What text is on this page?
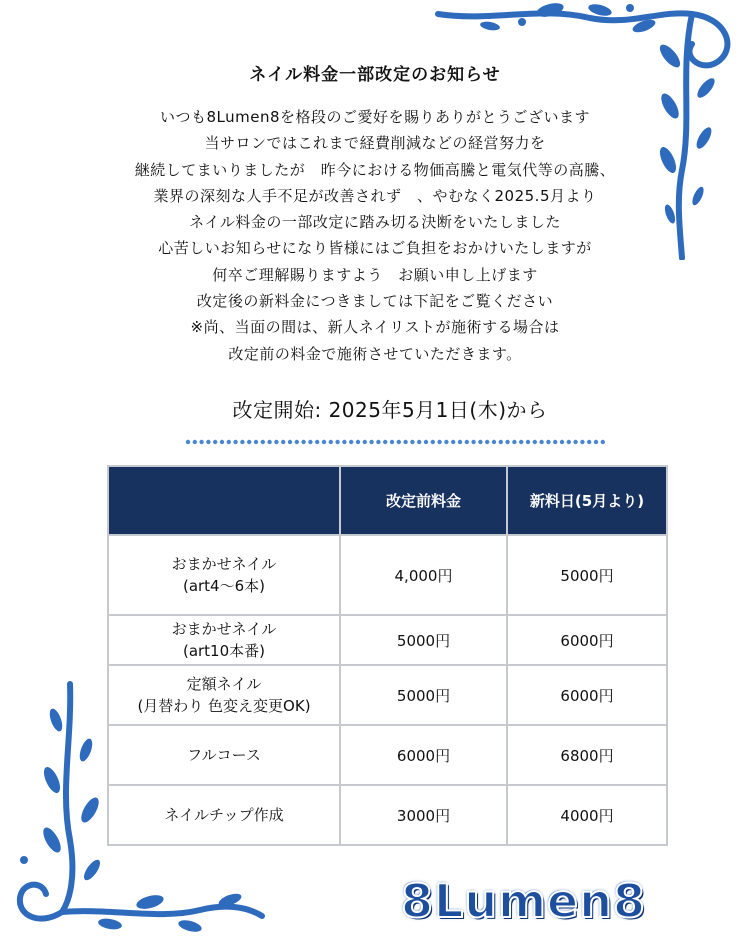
ネイル料金一部改定のお知らせ
いつも8Lumen8を格段のご愛好を賜りありがとうございます
当サロンではこれまで経費削減などの経営努力を
継続してまいりましたが　昨今における物価高騰と電気代等の高騰、
業界の深刻な人手不足が改善されず　、やむなく2025.5月より
ネイル料金の一部改定に踏み切る決断をいたしました
心苦しいお知らせになり皆様にはご負担をおかけいたしますが
何卒ご理解賜りますよう　お願い申し上げます
改定後の新料金につきましては下記をご覧ください
※尚、当面の間は、新人ネイリストが施術する場合は
改定前の料金で施術させていただきます。
改定開始: 2025年5月1日(木)から
	改定前料金	新料日(5月より)

おまかせネイル
(art4〜6本)	4,000円	5000円

おまかせネイル
(art10本番)	5000円	6000円

定額ネイル
(月替わり 色変え変更OK)	5000円	6000円

フルコース	6000円	6800円

ネイルチップ作成	3000円	4000円
8Lumen8
